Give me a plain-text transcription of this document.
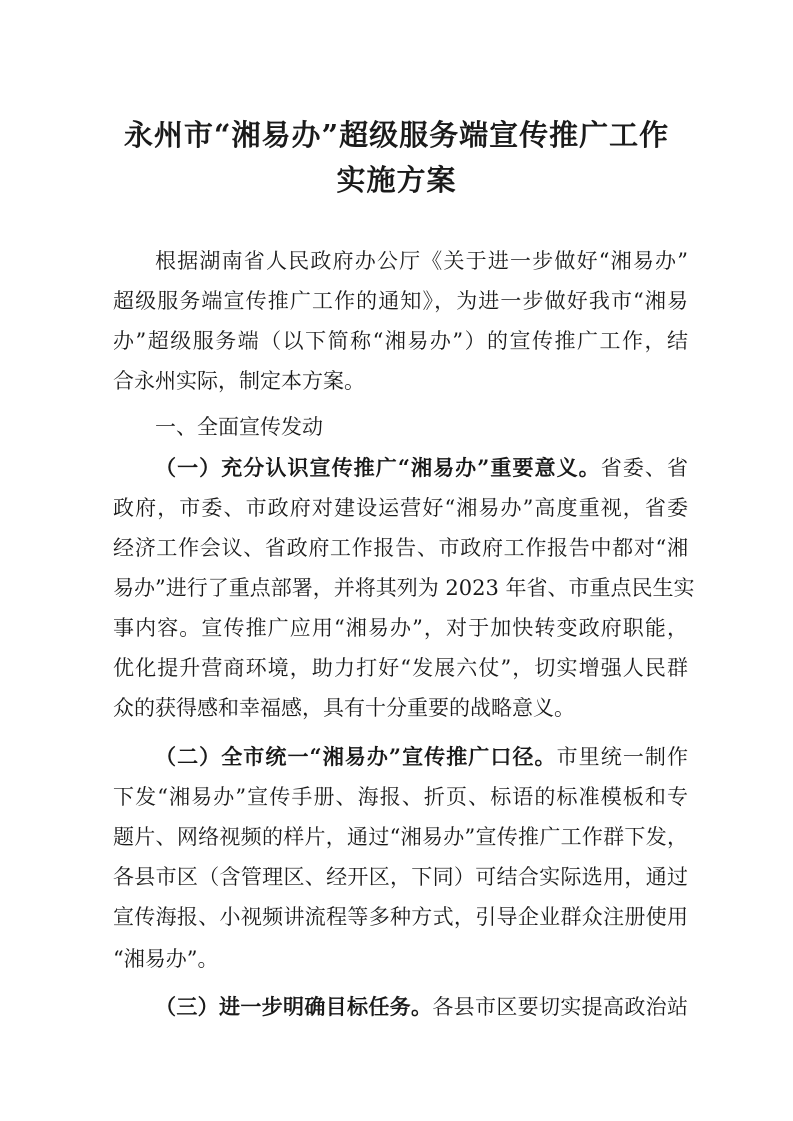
永州市“湘易办”超级服务端宣传推广工作
实施方案
根据湖南省人民政府办公厅《关于进一步做好“湘易办”
超级服务端宣传推广工作的通知》，为进一步做好我市“湘易
办”超级服务端（以下简称“湘易办”）的宣传推广工作，结
合永州实际，制定本方案。
一、全面宣传发动
（一）充分认识宣传推广“湘易办”重要意义。省委、省
政府，市委、市政府对建设运营好“湘易办”高度重视，省委
经济工作会议、省政府工作报告、市政府工作报告中都对“湘
易办”进行了重点部署，并将其列为 2023 年省、市重点民生实
事内容。宣传推广应用“湘易办”，对于加快转变政府职能，
优化提升营商环境，助力打好“发展六仗”，切实增强人民群
众的获得感和幸福感，具有十分重要的战略意义。
（二）全市统一“湘易办”宣传推广口径。市里统一制作
下发“湘易办”宣传手册、海报、折页、标语的标准模板和专
题片、网络视频的样片，通过“湘易办”宣传推广工作群下发，
各县市区（含管理区、经开区，下同）可结合实际选用，通过
宣传海报、小视频讲流程等多种方式，引导企业群众注册使用
“湘易办”。
（三）进一步明确目标任务。各县市区要切实提高政治站
